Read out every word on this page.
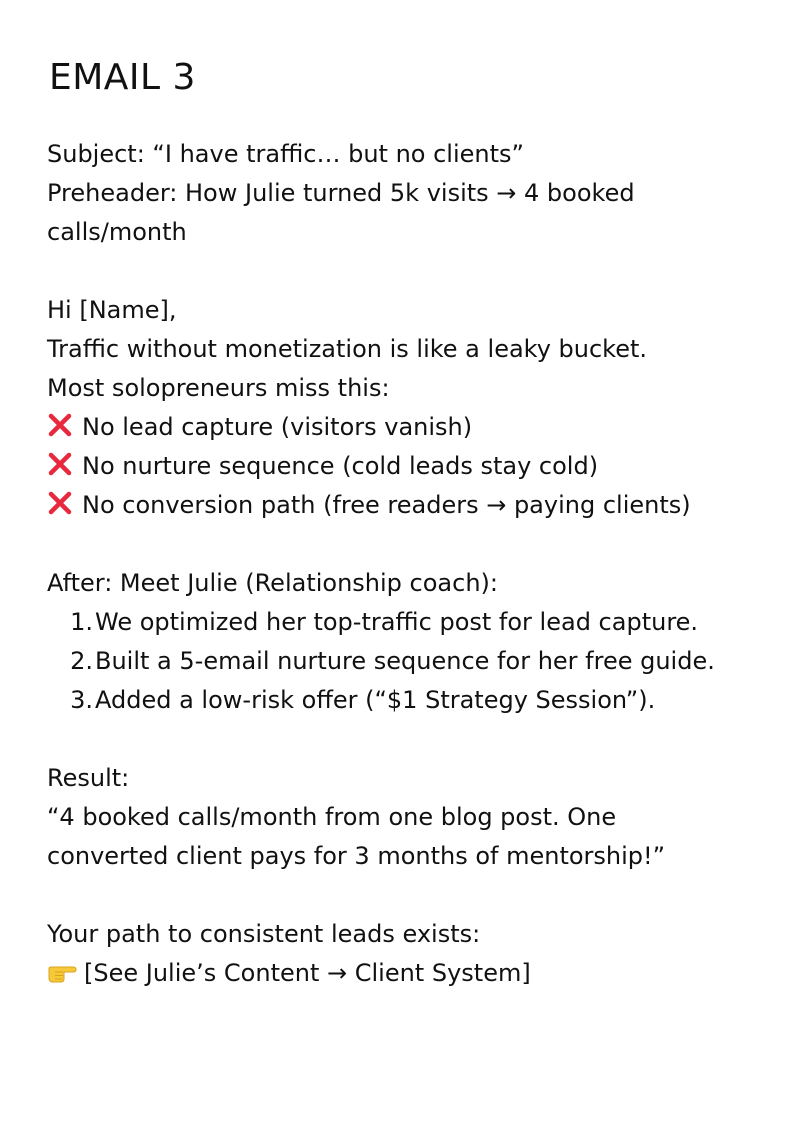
EMAIL 3
Subject: “I have traffic… but no clients”
Preheader: How Julie turned 5k visits → 4 booked
calls/month
Hi [Name],
Traffic without monetization is like a leaky bucket.
Most solopreneurs miss this:
No lead capture (visitors vanish)
No nurture sequence (cold leads stay cold)
No conversion path (free readers → paying clients)
After: Meet Julie (Relationship coach):
1.We optimized her top-traffic post for lead capture.
2.Built a 5-email nurture sequence for her free guide.
3.Added a low-risk offer (“$1 Strategy Session”).
Result:
“4 booked calls/month from one blog post. One
converted client pays for 3 months of mentorship!”
Your path to consistent leads exists:
[See Julie’s Content → Client System]
